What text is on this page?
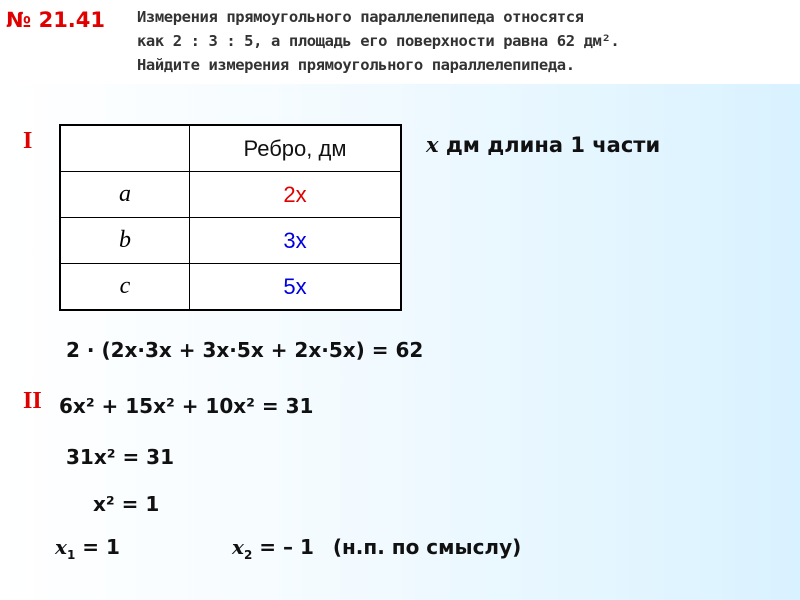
№ 21.41 Измерения прямоугольного параллелепипеда относятся
как 2 : 3 : 5, а площадь его поверхности равна 62 дм².
Найдите измерения прямоугольного параллелепипеда.
I
		Ребро, дм
a	2x
b	3x
c	5x
x дм длина 1 части
2 · (2x·3x + 3x·5x + 2x·5x) = 62
II 6x² + 15x² + 10x² = 31
31x² = 31
x² = 1
$x_1 = 1$	$x_2$ = – 1 (н.п. по смыслу)
